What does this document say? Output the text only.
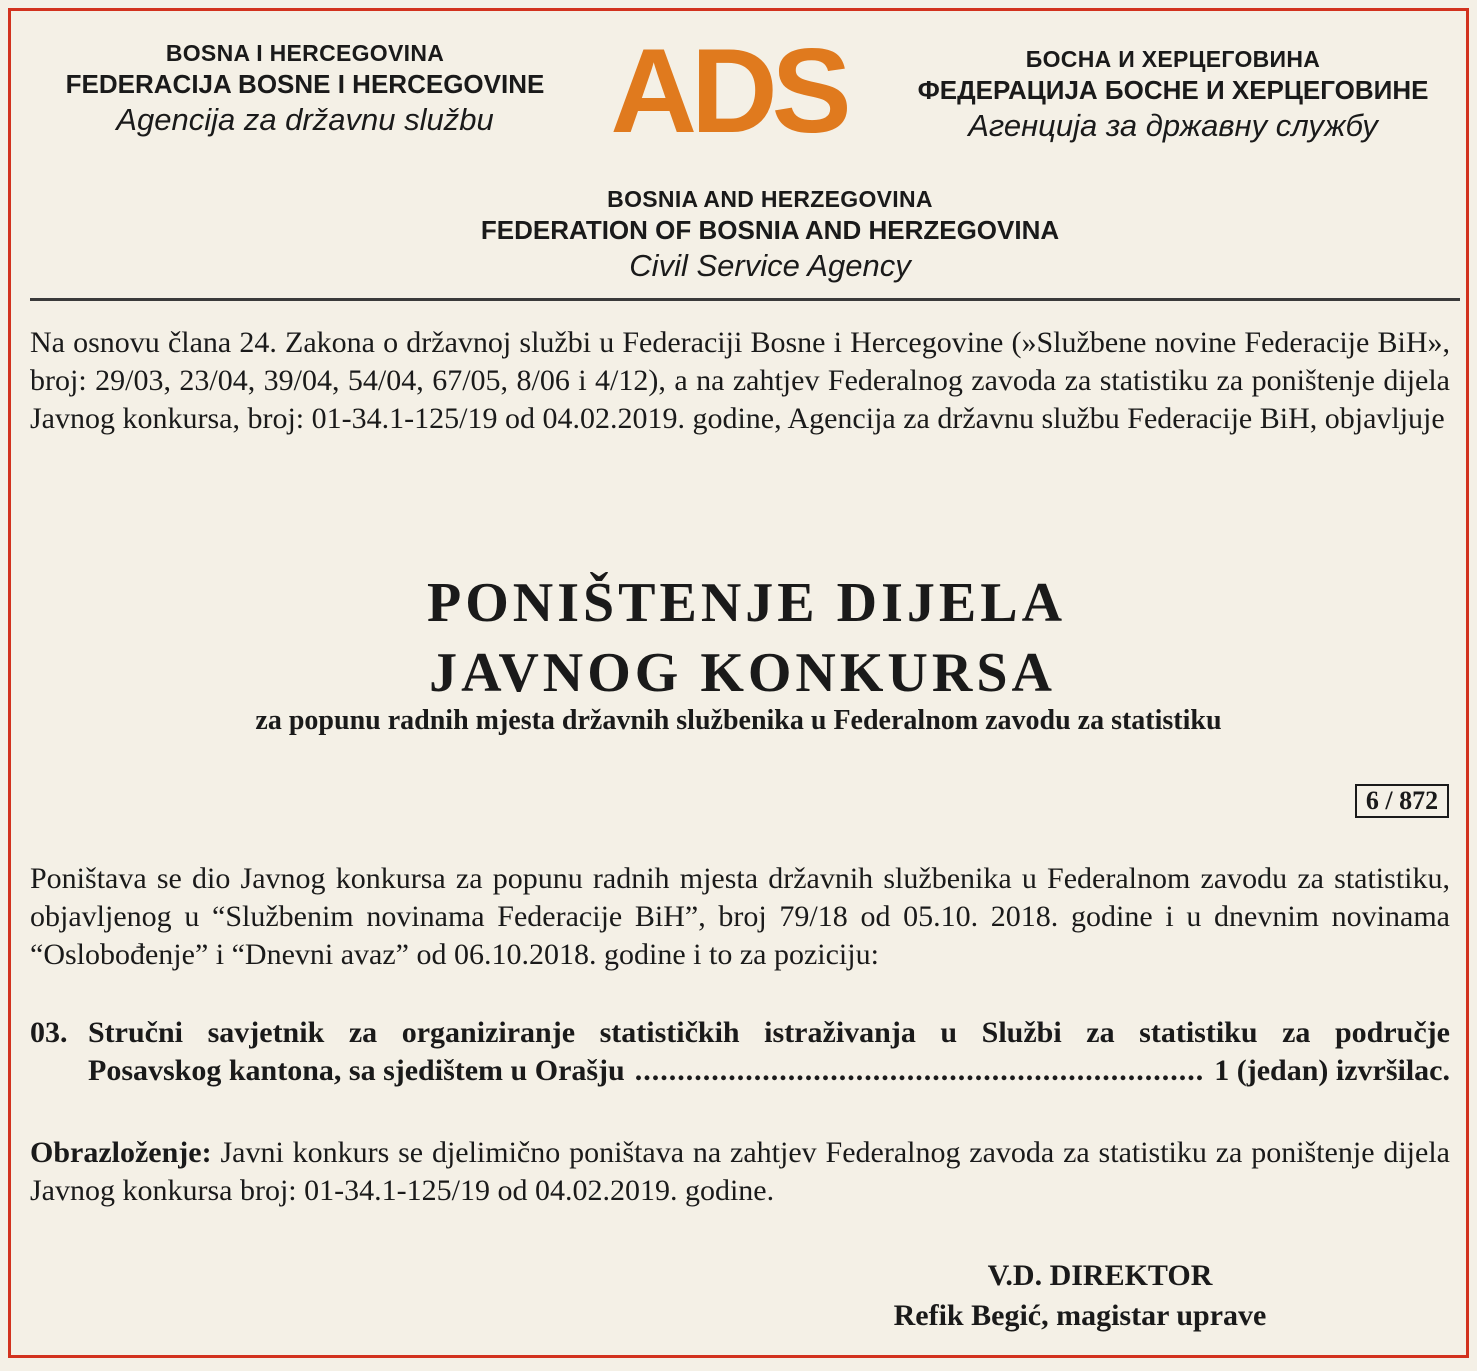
BOSNA I HERCEGOVINA
FEDERACIJA BOSNE I HERCEGOVINE
Agencija za državnu službu ADS	БОСНА И ХЕРЦЕГОВИНА
ФЕДЕРАЦИЈА БОСНЕ И ХЕРЦЕГОВИНЕ
Агенција за државну службу
BOSNIA AND HERZEGOVINA
FEDERATION OF BOSNIA AND HERZEGOVINA
Civil Service Agency
Na osnovu člana 24. Zakona o državnoj službi u Federaciji Bosne i Hercegovine (»Službene novine Federacije BiH», broj: 29/03, 23/04, 39/04, 54/04, 67/05, 8/06 i 4/12), a na zahtjev Federalnog zavoda za statistiku za poništenje dijela Javnog konkursa, broj: 01-34.1-125/19 od 04.02.2019. godine, Agencija za državnu službu Federacije BiH, objavljuje
PONIŠTENJE DIJELA
JAVNOG KONKURSA
za popunu radnih mjesta državnih službenika u Federalnom zavodu za statistiku
6 / 872
Poništava se dio Javnog konkursa za popunu radnih mjesta državnih službenika u Federalnom zavodu za statistiku, objavljenog u “Službenim novinama Federacije BiH”, broj 79/18 od 05.10. 2018. godine i u dnevnim novinama “Oslobođenje” i “Dnevni avaz” od 06.10.2018. godine i to za poziciju:
03. Stručni savjetnik za organiziranje statističkih istraživanja u Službi za statistiku za područje
Posavskog kantona, sa sjedištem u Orašju
.....	1 (jedan) izvršilac.
Obrazloženje: Javni konkurs se djelimično poništava na zahtjev Federalnog zavoda za statistiku za poništenje dijela Javnog konkursa broj: 01-34.1-125/19 od 04.02.2019. godine.
V.D. DIREKTOR
Refik Begić, magistar uprave
